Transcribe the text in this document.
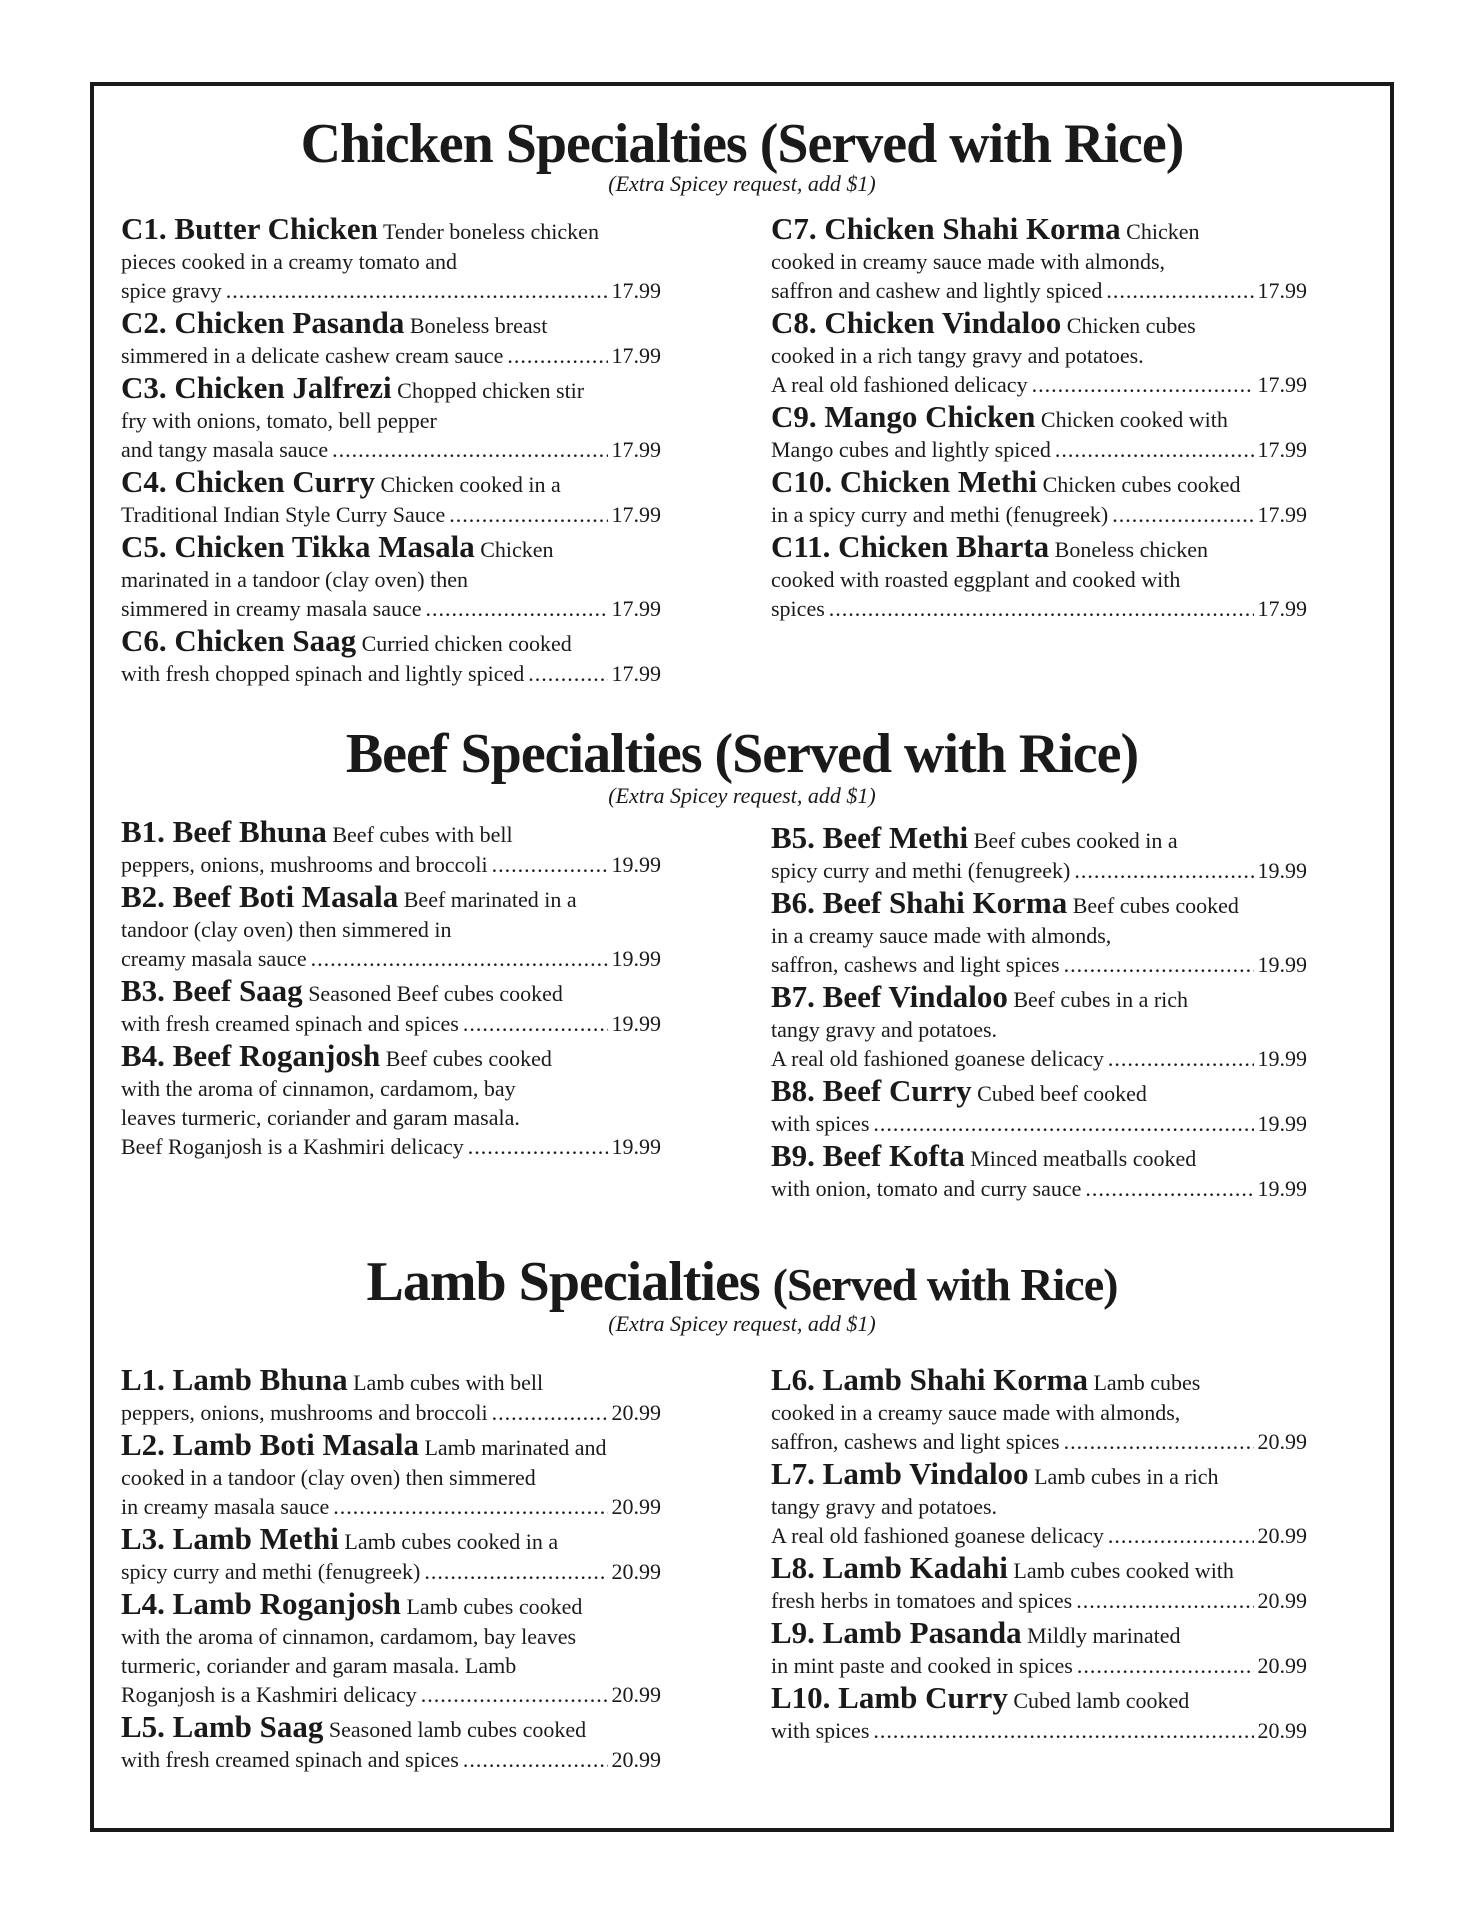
Chicken Specialties (Served with Rice)
(Extra Spicey request, add $1)
C1. Butter Chicken Tender boneless chicken
pieces cooked in a creamy tomato and
spice gravy .....	17.99
C2. Chicken Pasanda Boneless breast
simmered in a delicate cashew cream sauce .....	17.99
C3. Chicken Jalfrezi Chopped chicken stir
fry with onions, tomato, bell pepper
and tangy masala sauce .....	17.99
C4. Chicken Curry Chicken cooked in a
Traditional Indian Style Curry Sauce .....	17.99
C5. Chicken Tikka Masala Chicken
marinated in a tandoor (clay oven) then
simmered in creamy masala sauce .....	17.99
C6. Chicken Saag Curried chicken cooked
with fresh chopped spinach and lightly spiced .....	17.99
C7. Chicken Shahi Korma Chicken
cooked in creamy sauce made with almonds,
saffron and cashew and lightly spiced .....	17.99
C8. Chicken Vindaloo Chicken cubes
cooked in a rich tangy gravy and potatoes.
A real old fashioned delicacy .....	17.99
C9. Mango Chicken Chicken cooked with
Mango cubes and lightly spiced .....	17.99
C10. Chicken Methi Chicken cubes cooked
in a spicy curry and methi (fenugreek) .....	17.99
C11. Chicken Bharta Boneless chicken
cooked with roasted eggplant and cooked with
spices .....	17.99
Beef Specialties (Served with Rice)
(Extra Spicey request, add $1)
B1. Beef Bhuna Beef cubes with bell
peppers, onions, mushrooms and broccoli .....	19.99
B2. Beef Boti Masala Beef marinated in a
tandoor (clay oven) then simmered in
creamy masala sauce .....	19.99
B3. Beef Saag Seasoned Beef cubes cooked
with fresh creamed spinach and spices .....	19.99
B4. Beef Roganjosh Beef cubes cooked
with the aroma of cinnamon, cardamom, bay
leaves turmeric, coriander and garam masala.
Beef Roganjosh is a Kashmiri delicacy .....	19.99
B5. Beef Methi Beef cubes cooked in a
spicy curry and methi (fenugreek) .....	19.99
B6. Beef Shahi Korma Beef cubes cooked
in a creamy sauce made with almonds,
saffron, cashews and light spices .....	19.99
B7. Beef Vindaloo Beef cubes in a rich
tangy gravy and potatoes.
A real old fashioned goanese delicacy .....	19.99
B8. Beef Curry Cubed beef cooked
with spices .....	19.99
B9. Beef Kofta Minced meatballs cooked
with onion, tomato and curry sauce .....	19.99
Lamb Specialties (Served with Rice)
(Extra Spicey request, add $1)
L1. Lamb Bhuna Lamb cubes with bell
peppers, onions, mushrooms and broccoli .....	20.99
L2. Lamb Boti Masala Lamb marinated and
cooked in a tandoor (clay oven) then simmered
in creamy masala sauce .....	20.99
L3. Lamb Methi Lamb cubes cooked in a
spicy curry and methi (fenugreek) .....	20.99
L4. Lamb Roganjosh Lamb cubes cooked
with the aroma of cinnamon, cardamom, bay leaves
turmeric, coriander and garam masala. Lamb
Roganjosh is a Kashmiri delicacy .....	20.99
L5. Lamb Saag Seasoned lamb cubes cooked
with fresh creamed spinach and spices .....	20.99
L6. Lamb Shahi Korma Lamb cubes
cooked in a creamy sauce made with almonds,
saffron, cashews and light spices .....	20.99
L7. Lamb Vindaloo Lamb cubes in a rich
tangy gravy and potatoes.
A real old fashioned goanese delicacy .....	20.99
L8. Lamb Kadahi Lamb cubes cooked with
fresh herbs in tomatoes and spices .....	20.99
L9. Lamb Pasanda Mildly marinated
in mint paste and cooked in spices .....	20.99
L10. Lamb Curry Cubed lamb cooked
with spices .....	20.99
